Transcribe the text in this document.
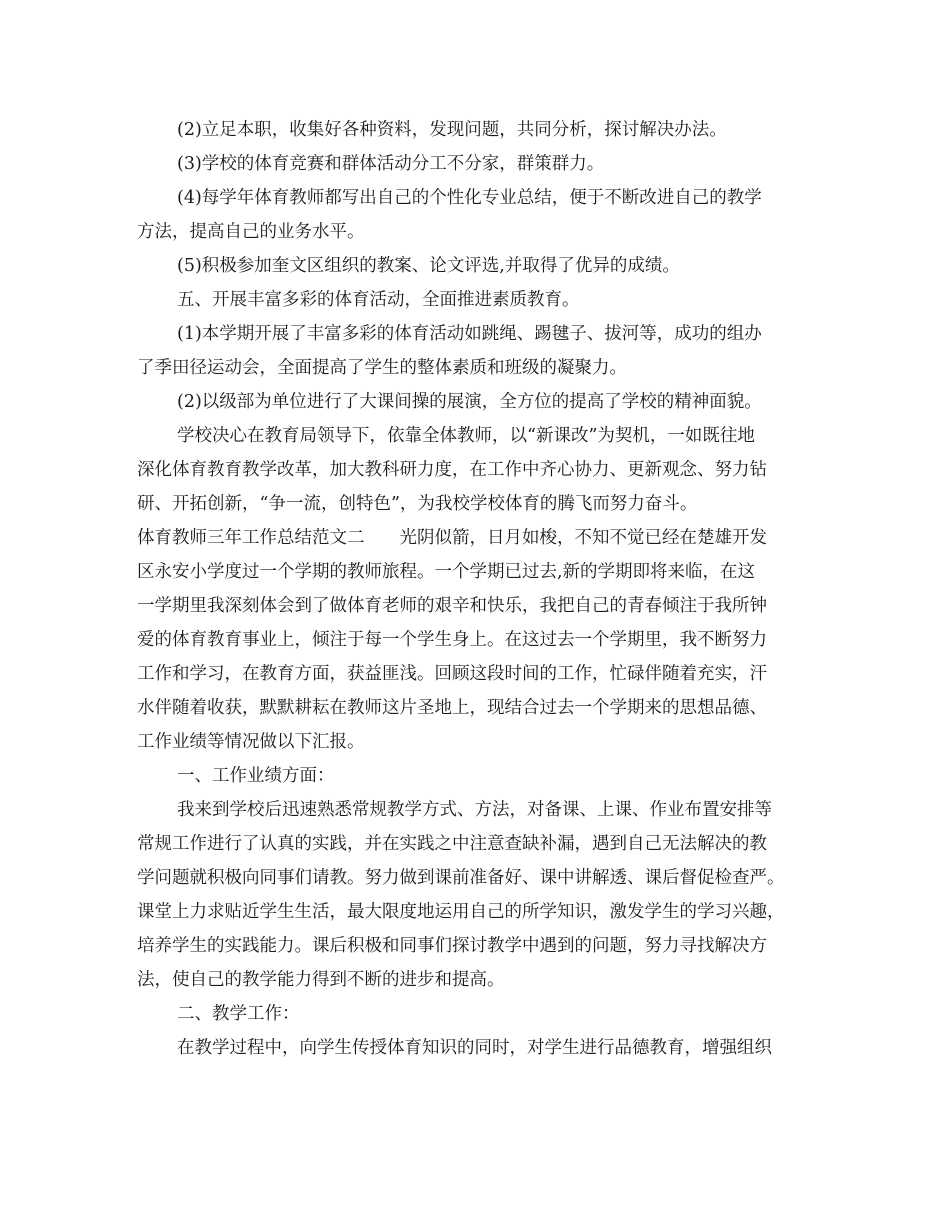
(2)立足本职，收集好各种资料，发现问题，共同分析，探讨解决办法。
(3)学校的体育竞赛和群体活动分工不分家，群策群力。
(4)每学年体育教师都写出自己的个性化专业总结，便于不断改进自己的教学
方法，提高自己的业务水平。
(5)积极参加奎文区组织的教案、论文评选,并取得了优异的成绩。
五、开展丰富多彩的体育活动，全面推进素质教育。
(1)本学期开展了丰富多彩的体育活动如跳绳、踢毽子、拔河等，成功的组办
了季田径运动会，全面提高了学生的整体素质和班级的凝聚力。
(2)以级部为单位进行了大课间操的展演，全方位的提高了学校的精神面貌。
学校决心在教育局领导下，依靠全体教师，以“新课改”为契机，一如既往地
深化体育教育教学改革，加大教科研力度，在工作中齐心协力、更新观念、努力钻
研、开拓创新，“争一流，创特色”，为我校学校体育的腾飞而努力奋斗。
体育教师三年工作总结范文二　　光阴似箭，日月如梭，不知不觉已经在楚雄开发
区永安小学度过一个学期的教师旅程。一个学期已过去,新的学期即将来临，在这
一学期里我深刻体会到了做体育老师的艰辛和快乐，我把自己的青春倾注于我所钟
爱的体育教育事业上，倾注于每一个学生身上。在这过去一个学期里，我不断努力
工作和学习，在教育方面，获益匪浅。回顾这段时间的工作，忙碌伴随着充实，汗
水伴随着收获，默默耕耘在教师这片圣地上，现结合过去一个学期来的思想品德、
工作业绩等情况做以下汇报。
一、工作业绩方面：
我来到学校后迅速熟悉常规教学方式、方法，对备课、上课、作业布置安排等
常规工作进行了认真的实践，并在实践之中注意查缺补漏，遇到自己无法解决的教
学问题就积极向同事们请教。努力做到课前准备好、课中讲解透、课后督促检查严。
课堂上力求贴近学生生活，最大限度地运用自己的所学知识，激发学生的学习兴趣，
培养学生的实践能力。课后积极和同事们探讨教学中遇到的问题，努力寻找解决方
法，使自己的教学能力得到不断的进步和提高。
二、教学工作：
在教学过程中，向学生传授体育知识的同时，对学生进行品德教育，增强组织
